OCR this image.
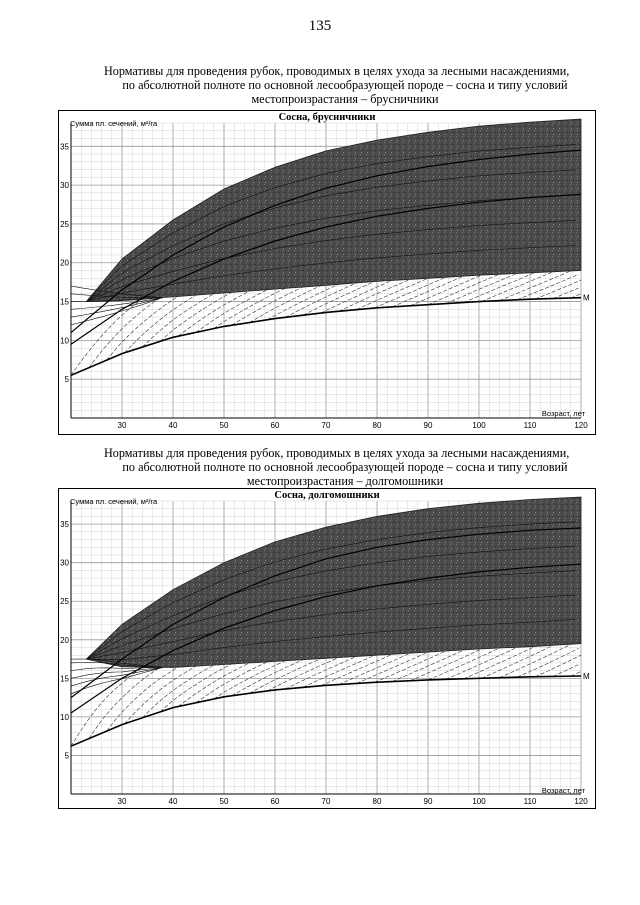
135
Нормативы для проведения рубок, проводимых в целях ухода за лесными насаждениями,
по абсолютной полноте по основной лесообразующей породе – сосна и типу условий
местопроизрастания – брусничники
30	40	50	60	70	80	90	100	110	120
5
10
15
20
25
30
35
М
Сосна, брусничники
Сумма пл. сечений, м²/га
Возраст, лет
Нормативы для проведения рубок, проводимых в целях ухода за лесными насаждениями,
по абсолютной полноте по основной лесообразующей породе – сосна и типу условий
местопроизрастания – долгомошники
30	40	50	60	70	80	90	100	110	120
5
10
15
20
25
30
35
М
Сосна, долгомошники
Сумма пл. сечений, м²/га
Возраст, лет
